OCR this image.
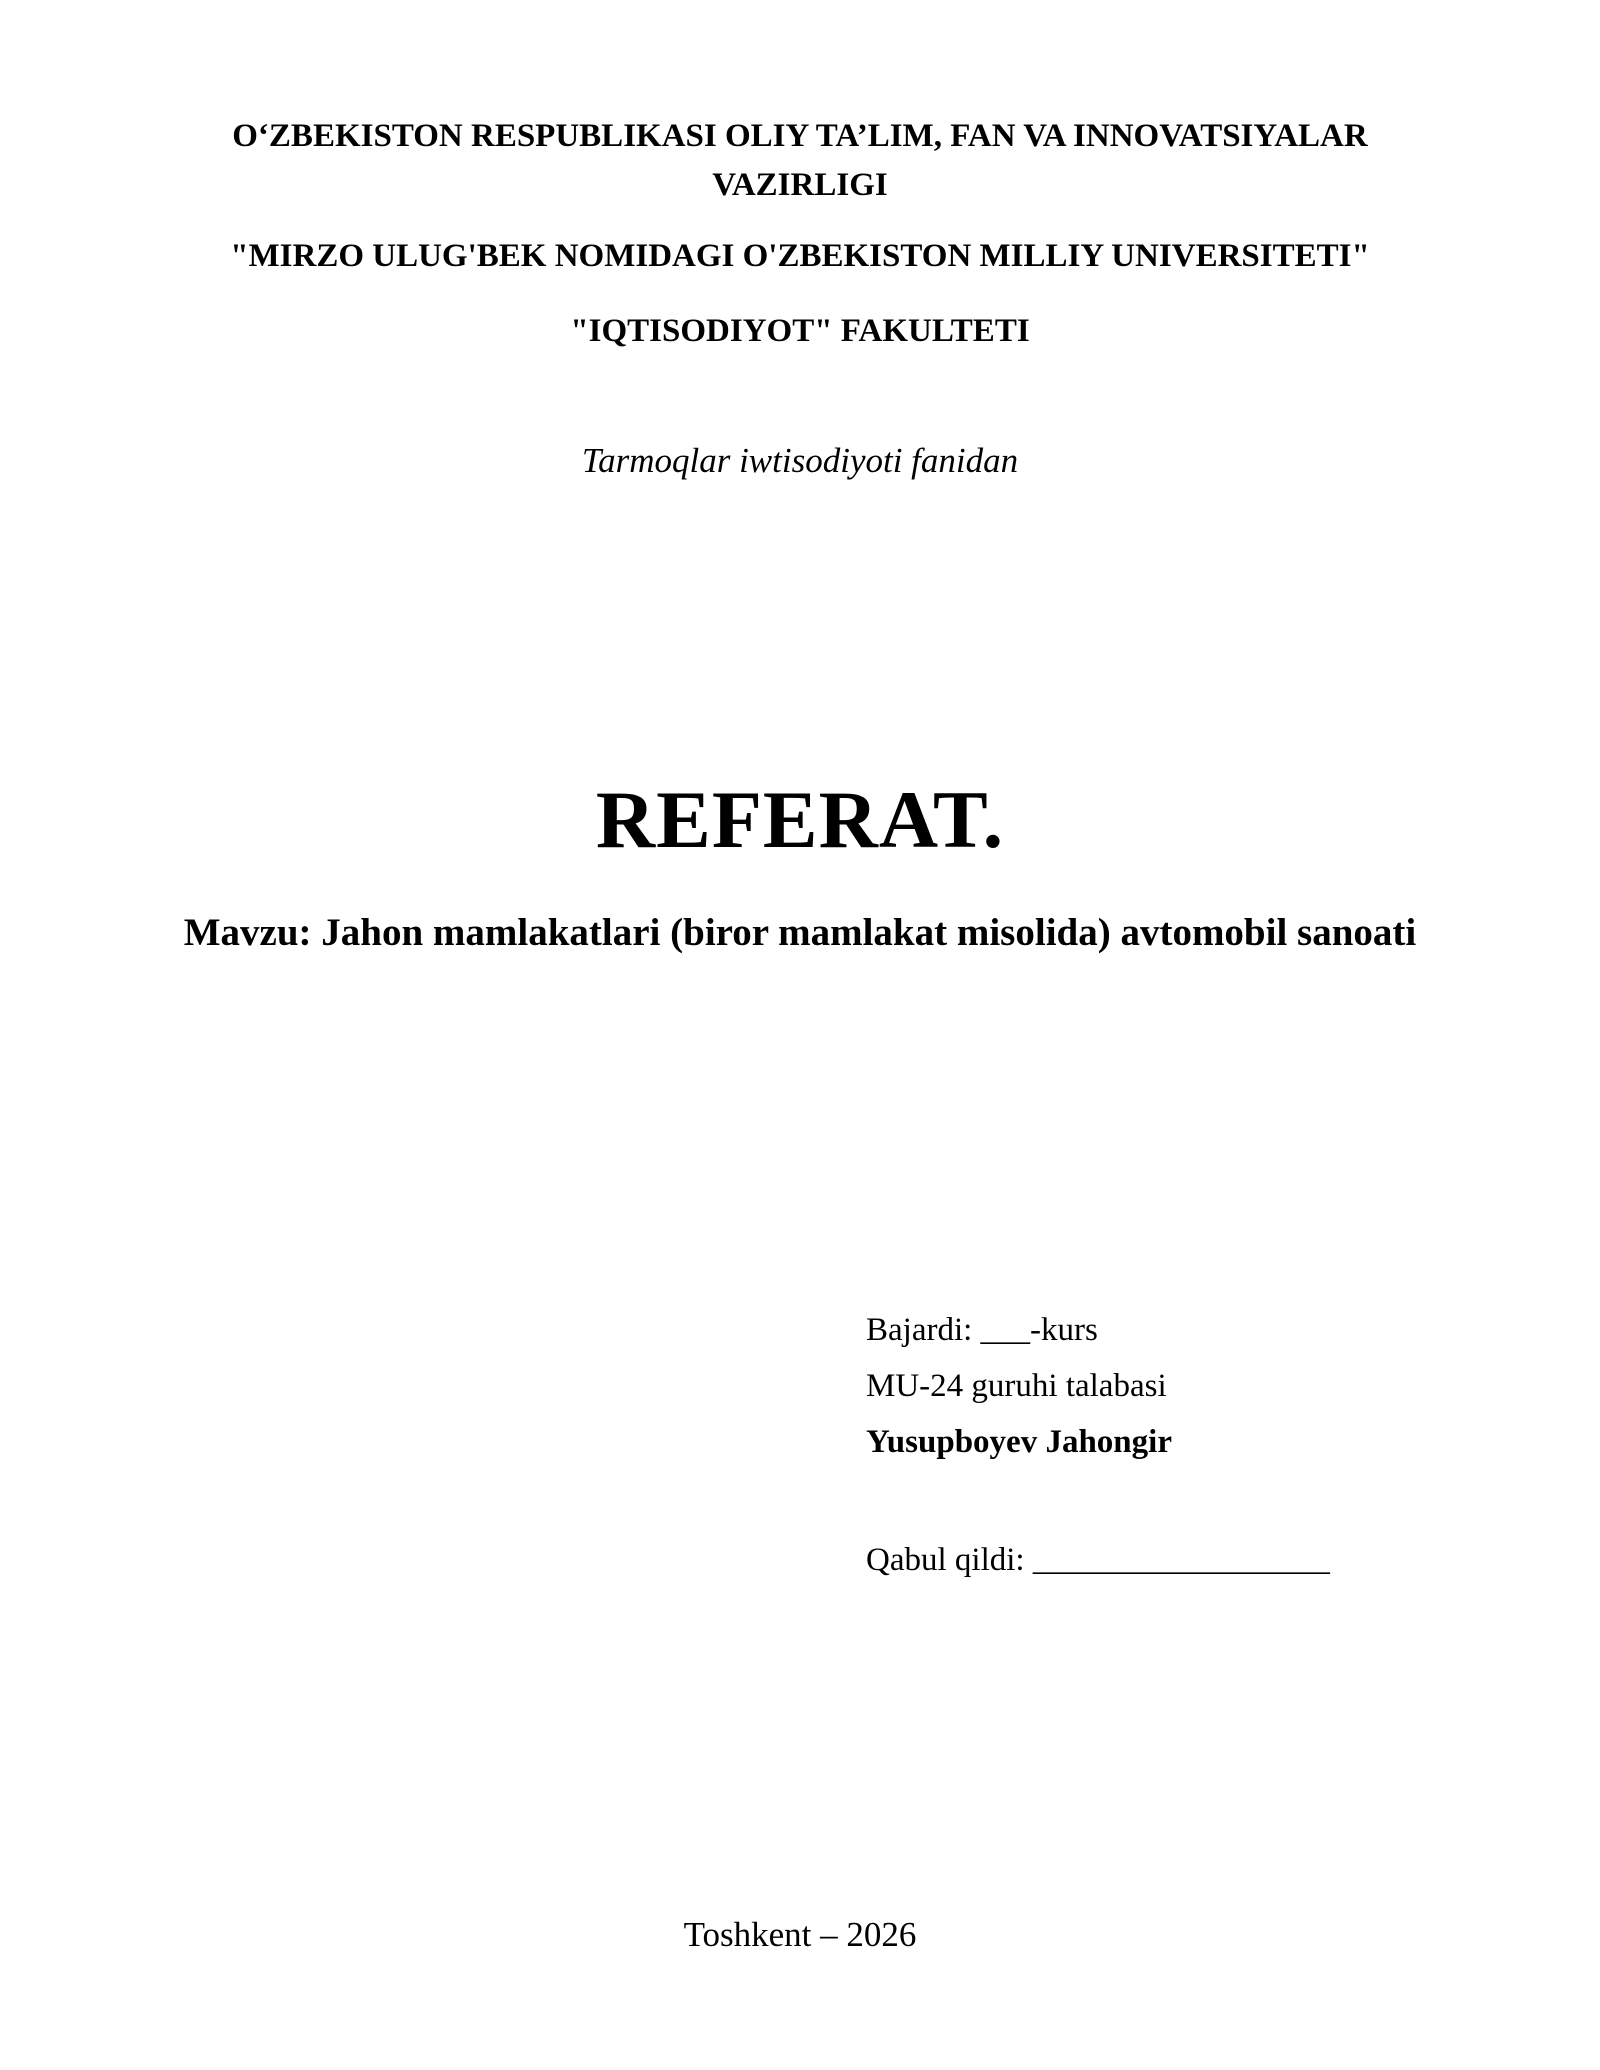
O‘ZBEKISTON RESPUBLIKASI OLIY TA’LIM, FAN VA INNOVATSIYALAR
VAZIRLIGI
"MIRZO ULUG'BEK NOMIDAGI O'ZBEKISTON MILLIY UNIVERSITETI"
"IQTISODIYOT" FAKULTETI
Tarmoqlar iwtisodiyoti fanidan
REFERAT.
Mavzu: Jahon mamlakatlari (biror mamlakat misolida) avtomobil sanoati
Bajardi: ___-kurs
MU-24 guruhi talabasi
Yusupboyev Jahongir
Qabul qildi: __________________
Toshkent – 2026
